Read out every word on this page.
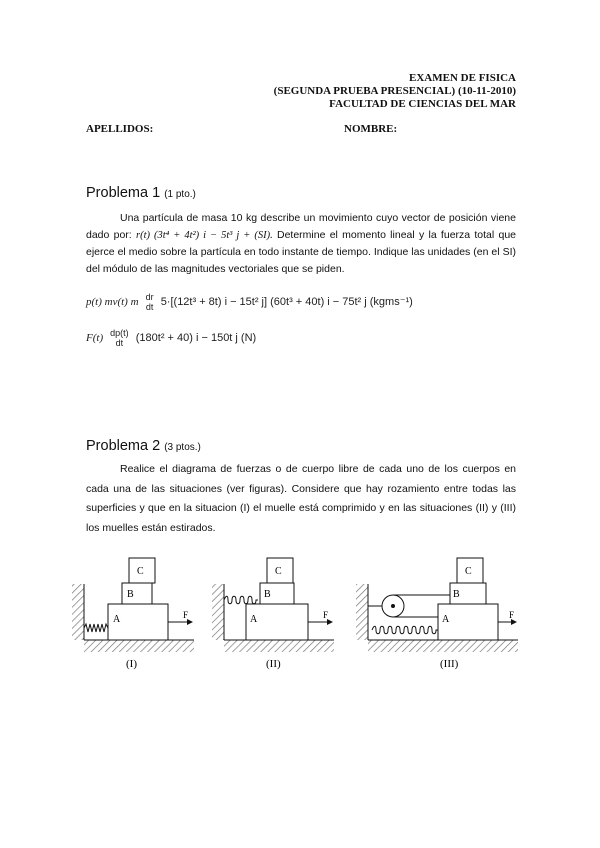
EXAMEN DE FISICA
(SEGUNDA PRUEBA PRESENCIAL) (10-11-2010)
FACULTAD DE CIENCIAS DEL MAR
APELLIDOS:	NOMBRE:
Problema 1 (1 pto.)
Una partícula de masa 10 kg describe un movimiento cuyo vector de posición viene dado por: r(t) (3t⁴ + 4t²) i − 5t³ j + (SI). Determine el momento lineal y la fuerza total que ejerce el medio sobre la partícula en todo instante de tiempo. Indique las unidades (en el SI) del módulo de las magnitudes vectoriales que se piden.
p(t) mv(t) m dr
dt 5·[(12t³ + 8t) i − 15t² j] (60t³ + 40t) i − 75t² j (kgms⁻¹)
F(t) dp(t)
dt	(180t² + 40) i − 150t j (N)
Problema 2 (3 ptos.)
Realice el diagrama de fuerzas o de cuerpo libre de cada uno de los cuerpos en cada una de las situaciones (ver figuras). Considere que hay rozamiento entre todas las superficies y que en la situacion (I) el muelle está comprimido y en las situaciones (II) y (III) los muelles están estirados.
A
B
C
F
(I)
A
B
C
F
(II)
A
B
C
F
(III)
